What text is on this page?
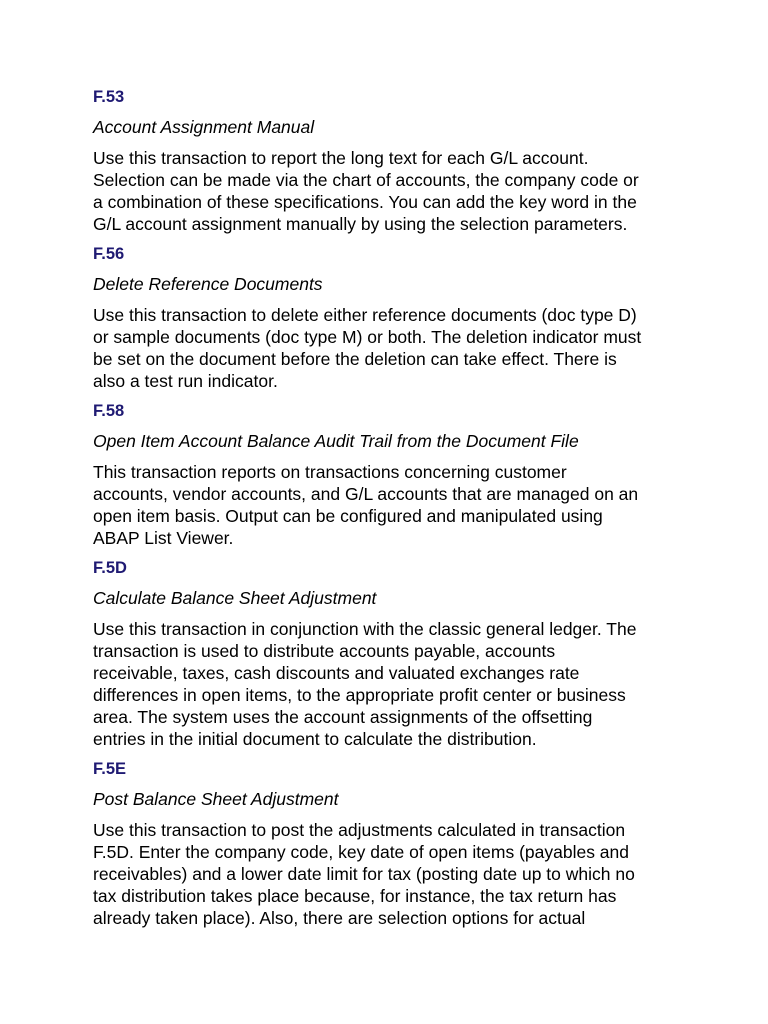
F.53
Account Assignment Manual
Use this transaction to report the long text for each G/L account.
Selection can be made via the chart of accounts, the company code or
a combination of these specifications. You can add the key word in the
G/L account assignment manually by using the selection parameters.
F.56
Delete Reference Documents
Use this transaction to delete either reference documents (doc type D)
or sample documents (doc type M) or both. The deletion indicator must
be set on the document before the deletion can take effect. There is
also a test run indicator.
F.58
Open Item Account Balance Audit Trail from the Document File
This transaction reports on transactions concerning customer
accounts, vendor accounts, and G/L accounts that are managed on an
open item basis. Output can be configured and manipulated using
ABAP List Viewer.
F.5D
Calculate Balance Sheet Adjustment
Use this transaction in conjunction with the classic general ledger. The
transaction is used to distribute accounts payable, accounts
receivable, taxes, cash discounts and valuated exchanges rate
differences in open items, to the appropriate profit center or business
area. The system uses the account assignments of the offsetting
entries in the initial document to calculate the distribution.
F.5E
Post Balance Sheet Adjustment
Use this transaction to post the adjustments calculated in transaction
F.5D. Enter the company code, key date of open items (payables and
receivables) and a lower date limit for tax (posting date up to which no
tax distribution takes place because, for instance, the tax return has
already taken place). Also, there are selection options for actual
